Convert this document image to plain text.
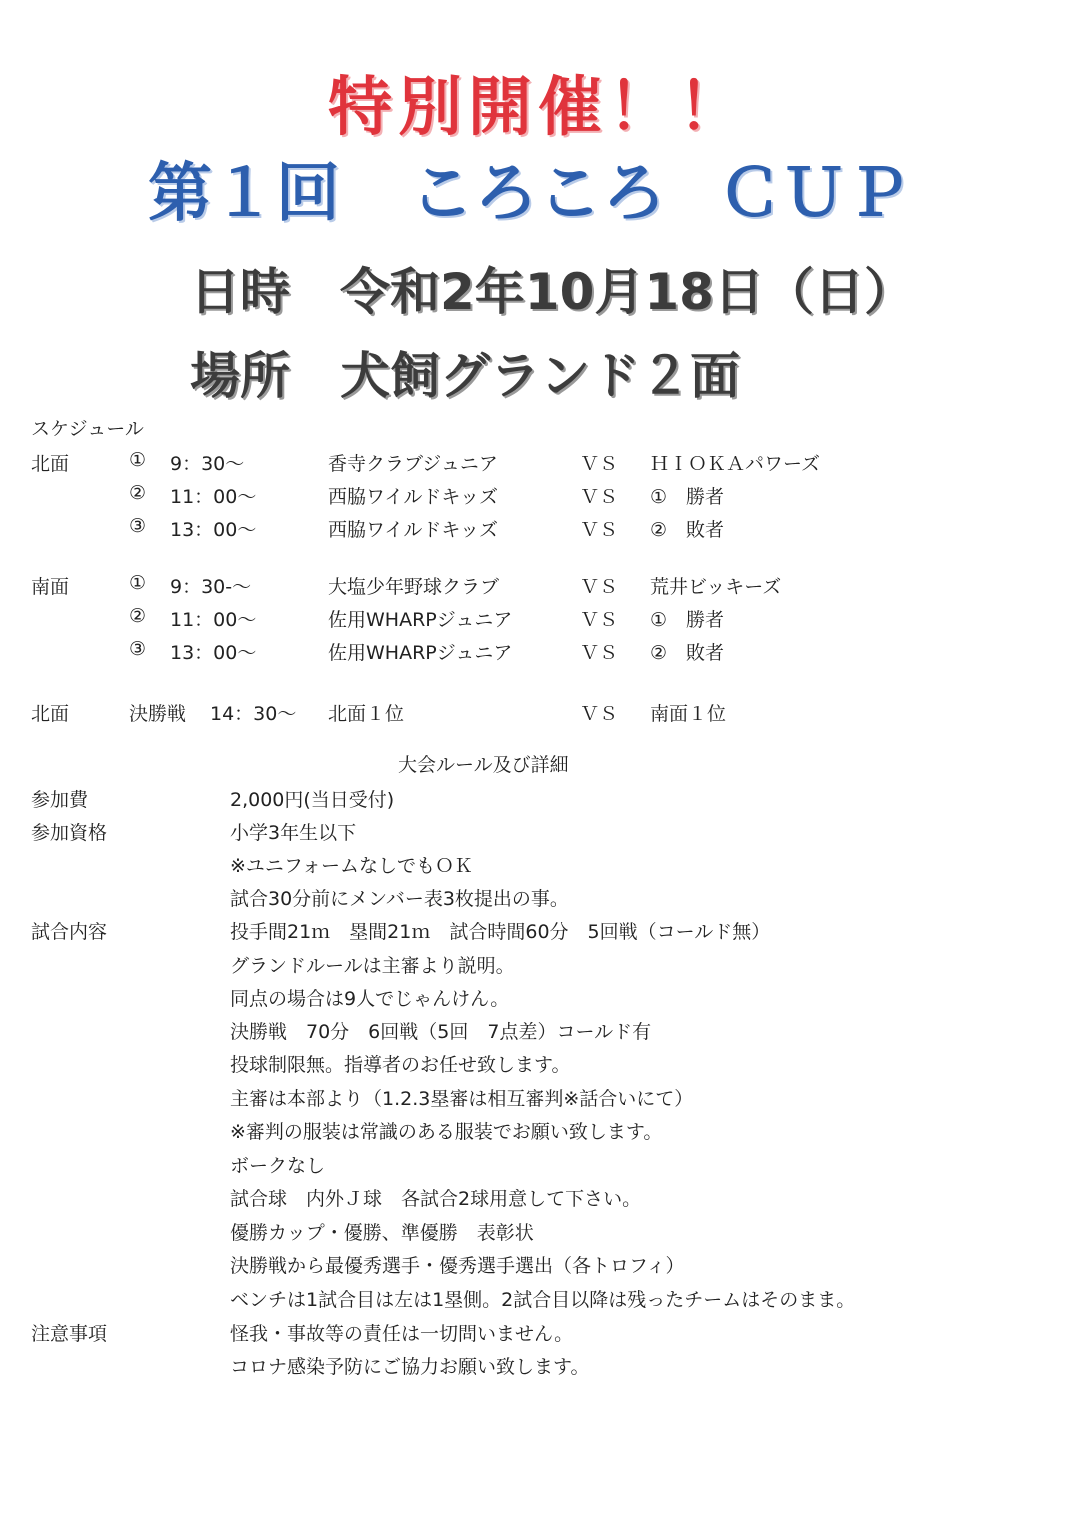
特別開催！！
第１回 ころころ ＣＵＰ
日時 令和2年10月18日（日）
場所 犬飼グランド２面
スケジュール
北面	① 9：30〜	香寺クラブジュニア	ＶＳ ＨＩＯＫＡパワーズ
② 11：00〜	西脇ワイルドキッズ	ＶＳ ①　勝者
③ 13：00〜	西脇ワイルドキッズ	ＶＳ ②　敗者
南面	① 9：30‐〜	大塩少年野球クラブ	ＶＳ 荒井ビッキーズ
② 11：00〜	佐用WHARPジュニア	ＶＳ ①　勝者
③ 13：00〜	佐用WHARPジュニア	ＶＳ ②　敗者
北面	決勝戦 14：30〜 北面１位	ＶＳ 南面１位
大会ルール及び詳細
参加費	2,000円(当日受付)
参加資格	小学3年生以下
※ユニフォームなしでもＯＫ
試合30分前にメンバー表3枚提出の事。
試合内容	投手間21ｍ　塁間21ｍ　試合時間60分　5回戦（コールド無）
グランドルールは主審より説明。
同点の場合は9人でじゃんけん。
決勝戦　70分　6回戦（5回　7点差）コールド有
投球制限無。指導者のお任せ致します。
主審は本部より（1.2.3塁審は相互審判※話合いにて）
※審判の服装は常識のある服装でお願い致します。
ボークなし
試合球　内外Ｊ球　各試合2球用意して下さい。
優勝カップ・優勝、準優勝　表彰状
決勝戦から最優秀選手・優秀選手選出（各トロフィ）
ベンチは1試合目は左は1塁側。2試合目以降は残ったチームはそのまま。
注意事項	怪我・事故等の責任は一切問いません。
コロナ感染予防にご協力お願い致します。
